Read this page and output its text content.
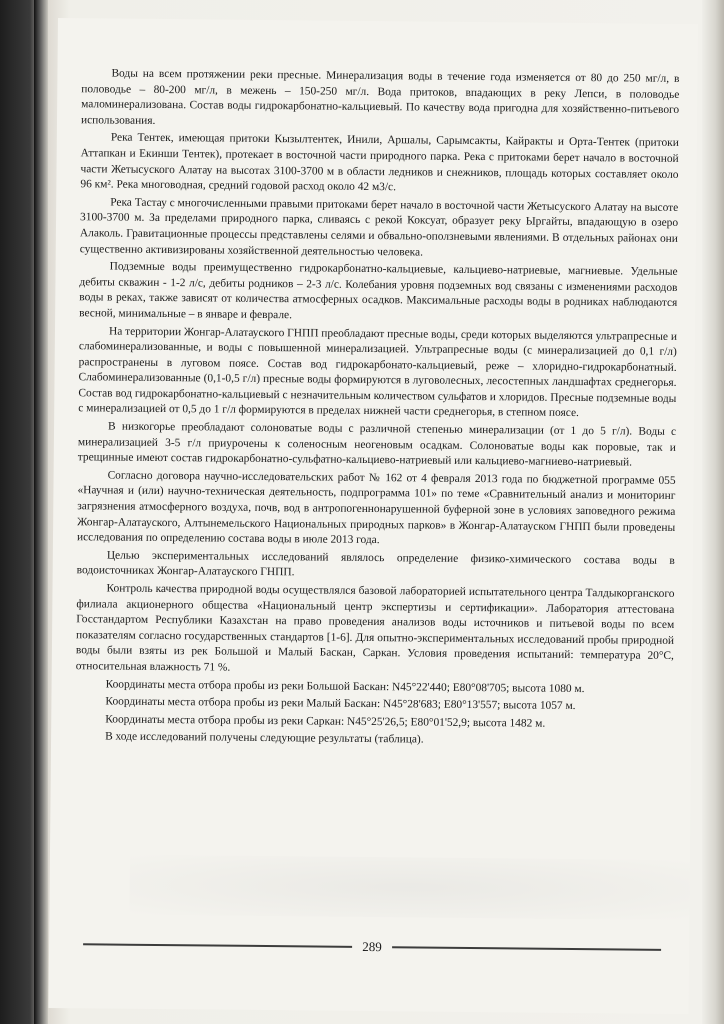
Воды на всем протяжении реки пресные. Минерализация воды в течение года изменяется от 80 до 250 мг/л, в половодье – 80-200 мг/л, в межень – 150-250 мг/л. Вода притоков, впадающих в реку Лепси, в половодье маломинерализована. Состав воды гидрокарбонатно-кальциевый. По качеству вода пригодна для хозяйственно-питьевого использования.

Река Тентек, имеющая притоки Кызылтентек, Инили, Аршалы, Сарымсакты, Кайракты и Орта-Тентек (притоки Аттапкан и Екинши Тентек), протекает в восточной части природного парка. Река с притоками берет начало в восточной части Жетысуского Алатау на высотах 3100-3700 м в области ледников и снежников, площадь которых составляет около 96 км². Река многоводная, средний годовой расход около 42 м3/с.

Река Тастау с многочисленными правыми притоками берет начало в восточной части Жетысуского Алатау на высоте 3100-3700 м. За пределами природного парка, сливаясь с рекой Коксуат, образует реку Ыргайты, впадающую в озеро Алаколь. Гравитационные процессы представлены селями и обвально-оползневыми явлениями. В отдельных районах они существенно активизированы хозяйственной деятельностью человека.

Подземные воды преимущественно гидрокарбонатно-кальциевые, кальциево-натриевые, магниевые. Удельные дебиты скважин - 1-2 л/с, дебиты родников – 2-3 л/с. Колебания уровня подземных вод связаны с изменениями расходов воды в реках, также зависят от количества атмосферных осадков. Максимальные расходы воды в родниках наблюдаются весной, минимальные – в январе и феврале.

На территории Жонгар-Алатауского ГНПП преобладают пресные воды, среди которых выделяются ультрапресные и слабоминерализованные, и воды с повышенной минерализацией. Ультрапресные воды (с минерализацией до 0,1 г/л) распространены в луговом поясе. Состав вод гидрокарбонато-кальциевый, реже – хлоридно-гидрокарбонатный. Слабоминерализованные (0,1-0,5 г/л) пресные воды формируются в луговолесных, лесостепных ландшафтах среднегорья. Состав вод гидрокарбонатно-кальциевый с незначительным количеством сульфатов и хлоридов. Пресные подземные воды с минерализацией от 0,5 до 1 г/л формируются в пределах нижней части среднегорья, в степном поясе.

В низкогорье преобладают солоноватые воды с различной степенью минерализации (от 1 до 5 г/л). Воды с минерализацией 3-5 г/л приурочены к соленосным неогеновым осадкам. Солоноватые воды как поровые, так и трещинные имеют состав гидрокарбонатно-сульфатно-кальциево-натриевый или кальциево-магниево-натриевый.

Согласно договора научно-исследовательских работ № 162 от 4 февраля 2013 года по бюджетной программе 055 «Научная и (или) научно-техническая деятельность, подпрограмма 101» по теме «Сравнительный анализ и мониторинг загрязнения атмосферного воздуха, почв, вод в антропогеннонарушенной буферной зоне в условиях заповедного режима Жонгар-Алатауского, Алтынемельского Национальных природных парков» в Жонгар-Алатауском ГНПП были проведены исследования по определению состава воды в июле 2013 года.

Целью экспериментальных исследований являлось определение физико-химического состава воды в водоисточниках Жонгар-Алатауского ГНПП.

Контроль качества природной воды осуществлялся базовой лабораторией испытательного центра Талдыкорганского филиала акционерного общества «Национальный центр экспертизы и сертификации». Лаборатория аттестована Госстандартом Республики Казахстан на право проведения анализов воды источников и питьевой воды по всем показателям согласно государственных стандартов [1-6]. Для опытно-экспериментальных исследований пробы природной воды были взяты из рек Большой и Малый Баскан, Саркан. Условия проведения испытаний: температура 20°С, относительная влажность 71 %.

Координаты места отбора пробы из реки Большой Баскан: N45°22'440; E80°08'705; высота 1080 м.

Координаты места отбора пробы из реки Малый Баскан: N45°28'683; E80°13'557; высота 1057 м.

Координаты места отбора пробы из реки Саркан: N45°25'26,5; E80°01'52,9; высота 1482 м.

В ходе исследований получены следующие результаты (таблица).

289
